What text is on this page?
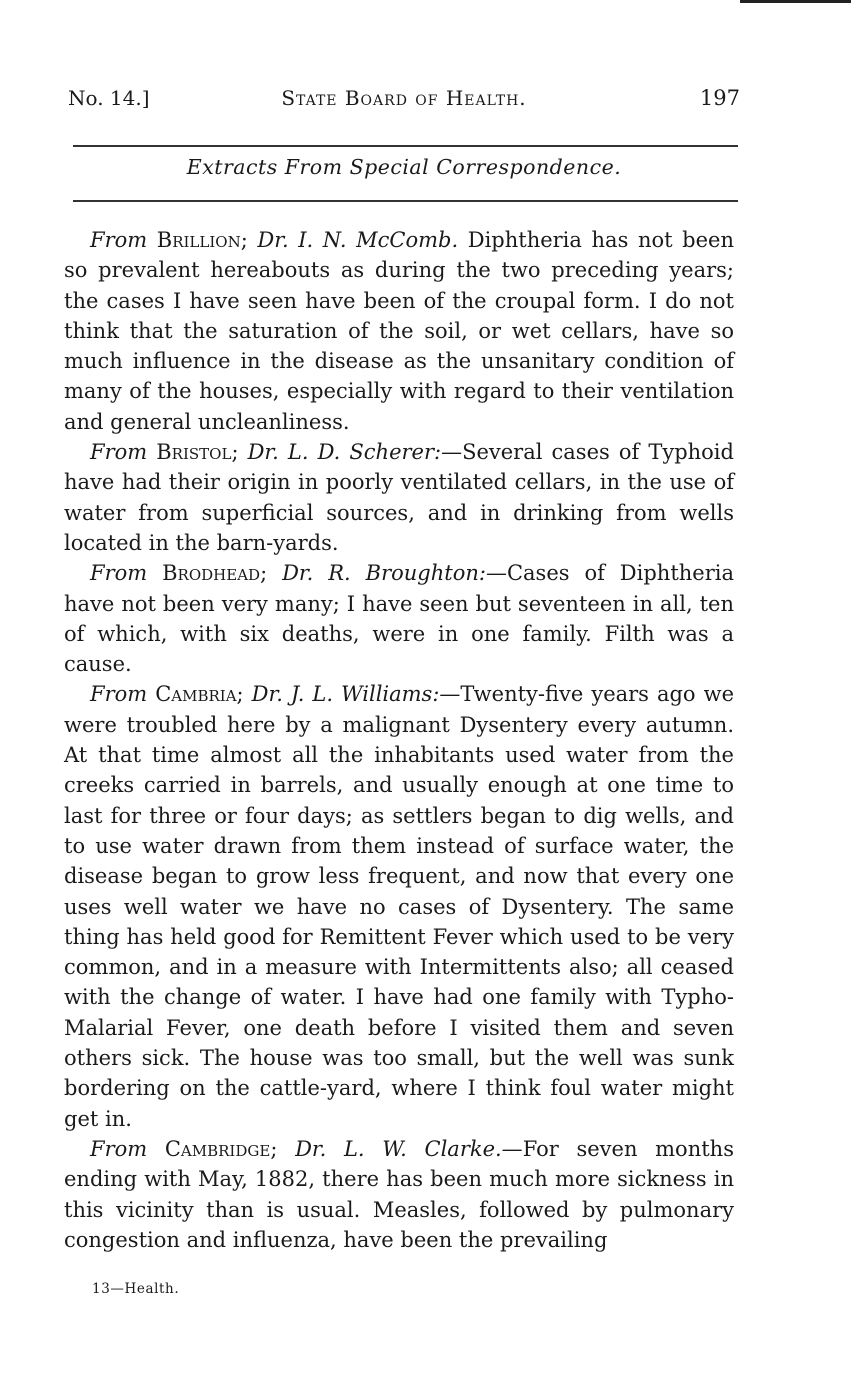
No. 14.]	State Board of Health.	197
Extracts From Special Correspondence.

From Brillion; Dr. I. N. McComb. Diphtheria has not been so prevalent hereabouts as during the two preceding years; the cases I have seen have been of the croupal form. I do not think that the saturation of the soil, or wet cellars, have so much influence in the disease as the unsanitary condition of many of the houses, especially with regard to their ventilation and general uncleanliness.

From Bristol; Dr. L. D. Scherer:—Several cases of Typhoid have had their origin in poorly ventilated cellars, in the use of water from superficial sources, and in drinking from wells located in the barn-yards.

From Brodhead; Dr. R. Broughton:—Cases of Diphtheria have not been very many; I have seen but seventeen in all, ten of which, with six deaths, were in one family. Filth was a cause.

From Cambria; Dr. J. L. Williams:—Twenty-five years ago we were troubled here by a malignant Dysentery every autumn. At that time almost all the inhabitants used water from the creeks carried in barrels, and usually enough at one time to last for three or four days; as settlers began to dig wells, and to use water drawn from them instead of surface water, the disease began to grow less frequent, and now that every one uses well water we have no cases of Dysentery. The same thing has held good for Remittent Fever which used to be very common, and in a measure with Intermittents also; all ceased with the change of water. I have had one family with Typho-Malarial Fever, one death before I visited them and seven others sick. The house was too small, but the well was sunk bordering on the cattle-yard, where I think foul water might get in.

From Cambridge; Dr. L. W. Clarke.—For seven months ending with May, 1882, there has been much more sickness in this vicinity than is usual. Measles, followed by pulmonary congestion and influenza, have been the prevailing

13—Health.
